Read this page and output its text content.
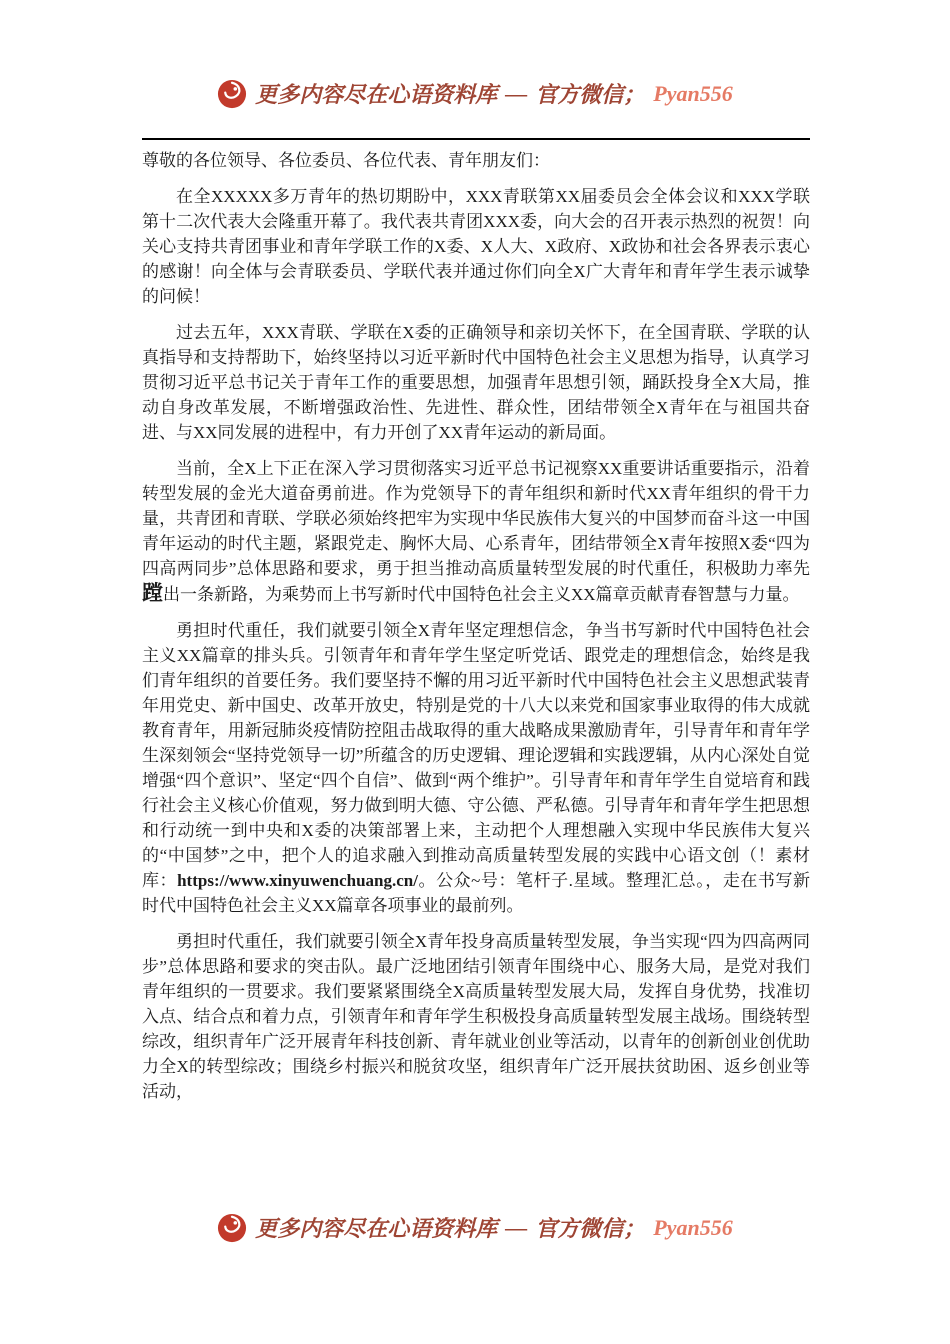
更多内容尽在心语资料库 — 官方微信； Pyan556

尊敬的各位领导、各位委员、各位代表、青年朋友们：

在全XXXXX多万青年的热切期盼中，XXX青联第XX届委员会全体会议和XXX学联第十二次代表大会隆重开幕了。我代表共青团XXX委，向大会的召开表示热烈的祝贺！向关心支持共青团事业和青年学联工作的X委、X人大、X政府、X政协和社会各界表示衷心的感谢！向全体与会青联委员、学联代表并通过你们向全X广大青年和青年学生表示诚挚的问候！

过去五年，XXX青联、学联在X委的正确领导和亲切关怀下，在全国青联、学联的认真指导和支持帮助下，始终坚持以习近平新时代中国特色社会主义思想为指导，认真学习贯彻习近平总书记关于青年工作的重要思想，加强青年思想引领，踊跃投身全X大局，推动自身改革发展，不断增强政治性、先进性、群众性，团结带领全X青年在与祖国共奋进、与XX同发展的进程中，有力开创了XX青年运动的新局面。

当前，全X上下正在深入学习贯彻落实习近平总书记视察XX重要讲话重要指示，沿着转型发展的金光大道奋勇前进。作为党领导下的青年组织和新时代XX青年组织的骨干力量，共青团和青联、学联必须始终把牢为实现中华民族伟大复兴的中国梦而奋斗这一中国青年运动的时代主题，紧跟党走、胸怀大局、心系青年，团结带领全X青年按照X委“四为四高两同步”总体思路和要求，勇于担当推动高质量转型发展的时代重任，积极助力率先蹚出一条新路，为乘势而上书写新时代中国特色社会主义XX篇章贡献青春智慧与力量。

勇担时代重任，我们就要引领全X青年坚定理想信念，争当书写新时代中国特色社会主义XX篇章的排头兵。引领青年和青年学生坚定听党话、跟党走的理想信念，始终是我们青年组织的首要任务。我们要坚持不懈的用习近平新时代中国特色社会主义思想武装青年用党史、新中国史、改革开放史，特别是党的十八大以来党和国家事业取得的伟大成就教育青年，用新冠肺炎疫情防控阻击战取得的重大战略成果激励青年，引导青年和青年学生深刻领会“坚持党领导一切”所蕴含的历史逻辑、理论逻辑和实践逻辑，从内心深处自觉增强“四个意识”、坚定“四个自信”、做到“两个维护”。引导青年和青年学生自觉培育和践行社会主义核心价值观，努力做到明大德、守公德、严私德。引导青年和青年学生把思想和行动统一到中央和X委的决策部署上来，主动把个人理想融入实现中华民族伟大复兴的“中国梦”之中，把个人的追求融入到推动高质量转型发展的实践中心语文创（！素材库：https://www.xinyuwenchuang.cn/。公众~号：笔杆子.星域。整理汇总。，走在书写新时代中国特色社会主义XX篇章各项事业的最前列。

勇担时代重任，我们就要引领全X青年投身高质量转型发展，争当实现“四为四高两同步”总体思路和要求的突击队。最广泛地团结引领青年围绕中心、服务大局，是党对我们青年组织的一贯要求。我们要紧紧围绕全X高质量转型发展大局，发挥自身优势，找准切入点、结合点和着力点，引领青年和青年学生积极投身高质量转型发展主战场。围绕转型综改，组织青年广泛开展青年科技创新、青年就业创业等活动，以青年的创新创业创优助力全X的转型综改；围绕乡村振兴和脱贫攻坚，组织青年广泛开展扶贫助困、返乡创业等活动，

更多内容尽在心语资料库 — 官方微信； Pyan556
